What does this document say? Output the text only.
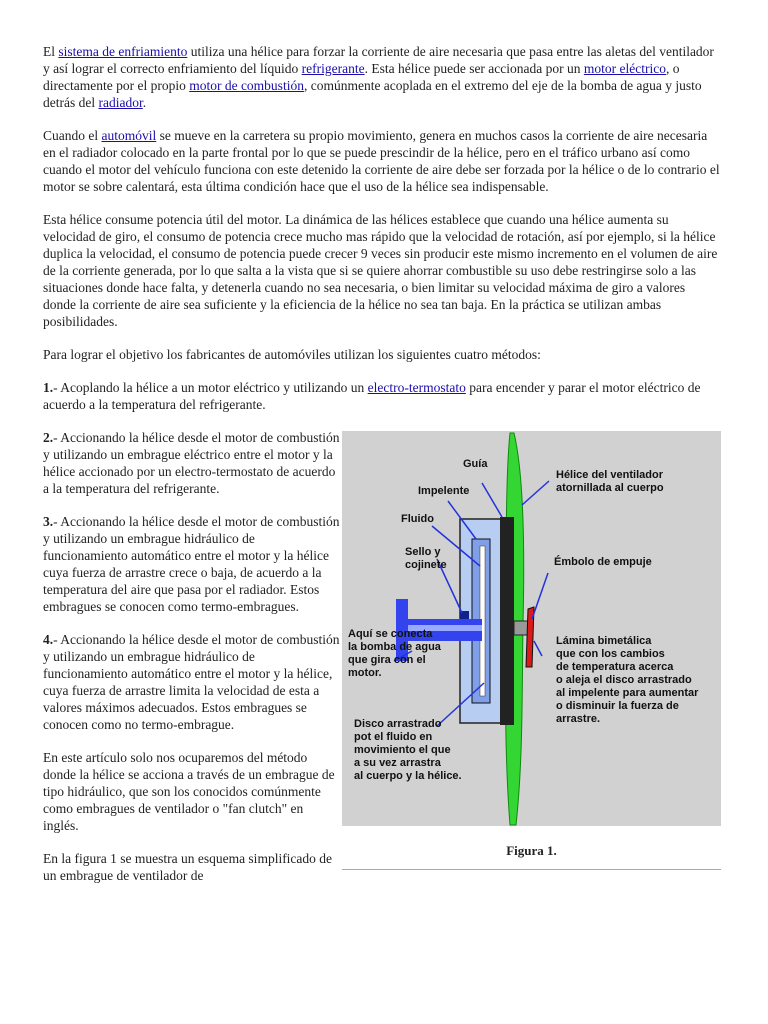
El sistema de enfriamiento utiliza una hélice para forzar la corriente de aire necesaria que pasa entre las aletas del ventilador y así lograr el correcto enfriamiento del líquido refrigerante. Esta hélice puede ser accionada por un motor eléctrico, o directamente por el propio motor de combustión, comúnmente acoplada en el extremo del eje de la bomba de agua y justo detrás del radiador.

Cuando el automóvil se mueve en la carretera su propio movimiento, genera en muchos casos la corriente de aire necesaria en el radiador colocado en la parte frontal por lo que se puede prescindir de la hélice, pero en el tráfico urbano así como cuando el motor del vehículo funciona con este detenido la corriente de aire debe ser forzada por la hélice o de lo contrario el motor se sobre calentará, esta última condición hace que el uso de la hélice sea indispensable.

Esta hélice consume potencia útil del motor. La dinámica de las hélices establece que cuando una hélice aumenta su velocidad de giro, el consumo de potencia crece mucho mas rápido que la velocidad de rotación, así por ejemplo, si la hélice duplica la velocidad, el consumo de potencia puede crecer 9 veces sin producir este mismo incremento en el volumen de aire de la corriente generada, por lo que salta a la vista que si se quiere ahorrar combustible su uso debe restringirse solo a las situaciones donde hace falta, y detenerla cuando no sea necesaria, o bien limitar su velocidad máxima de giro a valores donde la corriente de aire sea suficiente y la eficiencia de la hélice no sea tan baja. En la práctica se utilizan ambas posibilidades.

Para lograr el objetivo los fabricantes de automóviles utilizan los siguientes cuatro métodos:

1.- Acoplando la hélice a un motor eléctrico y utilizando un electro-termostato para encender y parar el motor eléctrico de acuerdo a la temperatura del refrigerante.

2.- Accionando la hélice desde el motor de combustión y utilizando un embrague eléctrico entre el motor y la hélice accionado por un electro-termostato de acuerdo a la temperatura del refrigerante.

3.- Accionando la hélice desde el motor de combustión y utilizando un embrague hidráulico de funcionamiento automático entre el motor y la hélice cuya fuerza de arrastre crece o baja, de acuerdo a la temperatura del aire que pasa por el radiador. Estos embragues se conocen como termo-embragues.

4.- Accionando la hélice desde el motor de combustión y utilizando un embrague hidráulico de funcionamiento automático entre el motor y la hélice, cuya fuerza de arrastre limita la velocidad de esta a valores máximos adecuados. Estos embragues se conocen como no termo-embrague.

En este artículo solo nos ocuparemos del método donde la hélice se acciona a través de un embrague de tipo hidráulico, que son los conocidos comúnmente como embragues de ventilador o "fan clutch" en inglés.

En la figura 1 se muestra un esquema simplificado de un embrague de ventilador de

Guía
Impelente
Fluido
Sello y
cojinete
Hélice del ventilador
atornillada al cuerpo
Émbolo de empuje
Aquí se conecta
la bomba de agua
que gira con el
motor.
Lámina bimetálica
que con los cambios
de temperatura acerca
o aleja el disco arrastrado
al impelente para aumentar
o disminuir la fuerza de
arrastre.
Disco arrastrado
pot el fluido en
movimiento el que
a su vez arrastra
al cuerpo y la hélice.
Figura 1.
